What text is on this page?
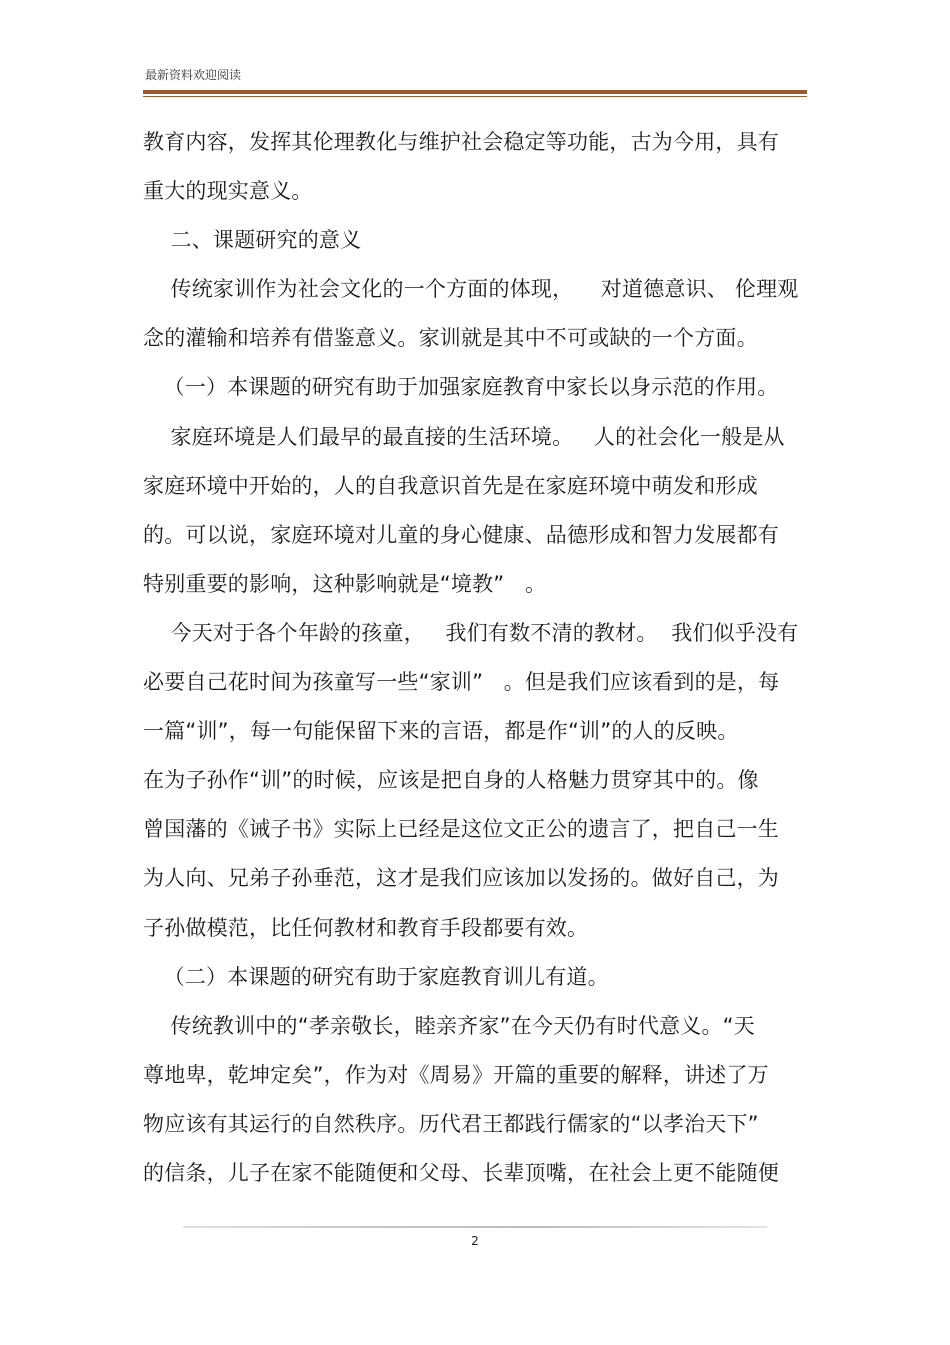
最新资料欢迎阅读
教育内容，发挥其伦理教化与维护社会稳定等功能，古为今用，具有
重大的现实意义。
二、课题研究的意义
传统家训作为社会文化的一个方面的体现，    对道德意识、 伦理观
念的灌输和培养有借鉴意义。家训就是其中不可或缺的一个方面。
（一）本课题的研究有助于加强家庭教育中家长以身示范的作用。
家庭环境是人们最早的最直接的生活环境。   人的社会化一般是从
家庭环境中开始的，人的自我意识首先是在家庭环境中萌发和形成
的。可以说，家庭环境对儿童的身心健康、品德形成和智力发展都有
特别重要的影响，这种影响就是“境教”   。
今天对于各个年龄的孩童，   我们有数不清的教材。  我们似乎没有
必要自己花时间为孩童写一些“家训”   。但是我们应该看到的是，每
一篇“训”，每一句能保留下来的言语，都是作“训”的人的反映。
在为子孙作“训”的时候，应该是把自身的人格魅力贯穿其中的。像
曾国藩的《诫子书》实际上已经是这位文正公的遗言了，把自己一生
为人向、兄弟子孙垂范，这才是我们应该加以发扬的。做好自己，为
子孙做模范，比任何教材和教育手段都要有效。
（二）本课题的研究有助于家庭教育训儿有道。
传统教训中的“孝亲敬长，睦亲齐家”在今天仍有时代意义。“天
尊地卑，乾坤定矣”，作为对《周易》开篇的重要的解释，讲述了万
物应该有其运行的自然秩序。历代君王都践行儒家的“以孝治天下”
的信条，儿子在家不能随便和父母、长辈顶嘴，在社会上更不能随便
2
